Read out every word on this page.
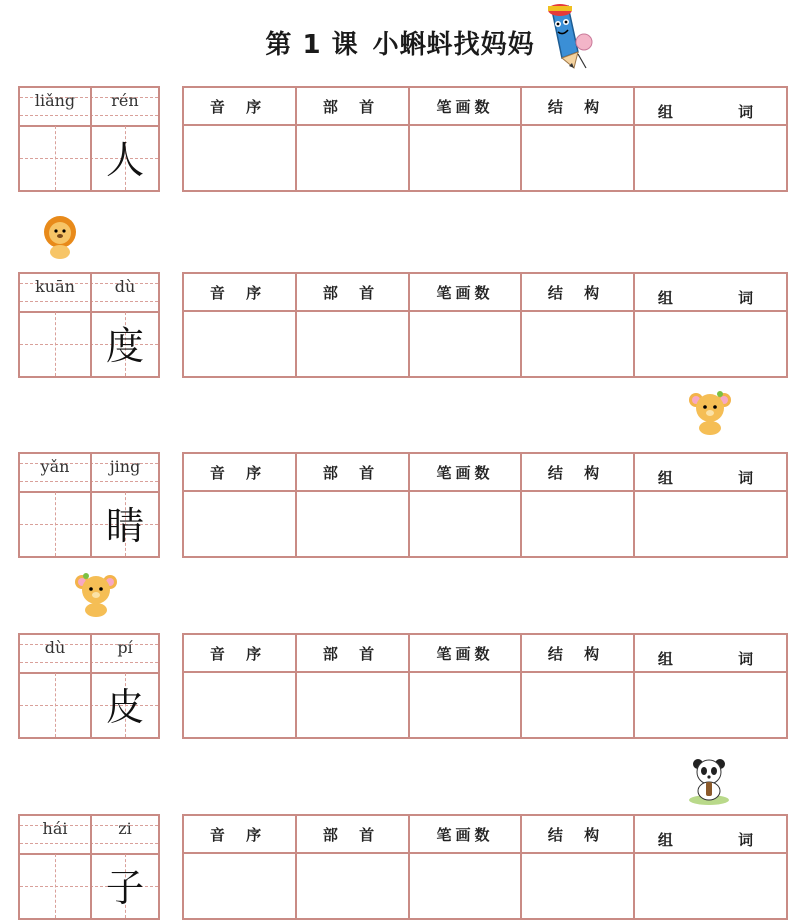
第 1 课 小蝌蚪找妈妈
liǎng	rén
人
音 序	部 首	笔画数	结 构	组 词
kuān	dù
度
音 序	部 首	笔画数	结 构	组 词
yǎn	jing
睛
音 序	部 首	笔画数	结 构	组 词
dù	pí
皮
音 序	部 首	笔画数	结 构	组 词
hái	zi
子
音 序	部 首	笔画数	结 构	组 词
